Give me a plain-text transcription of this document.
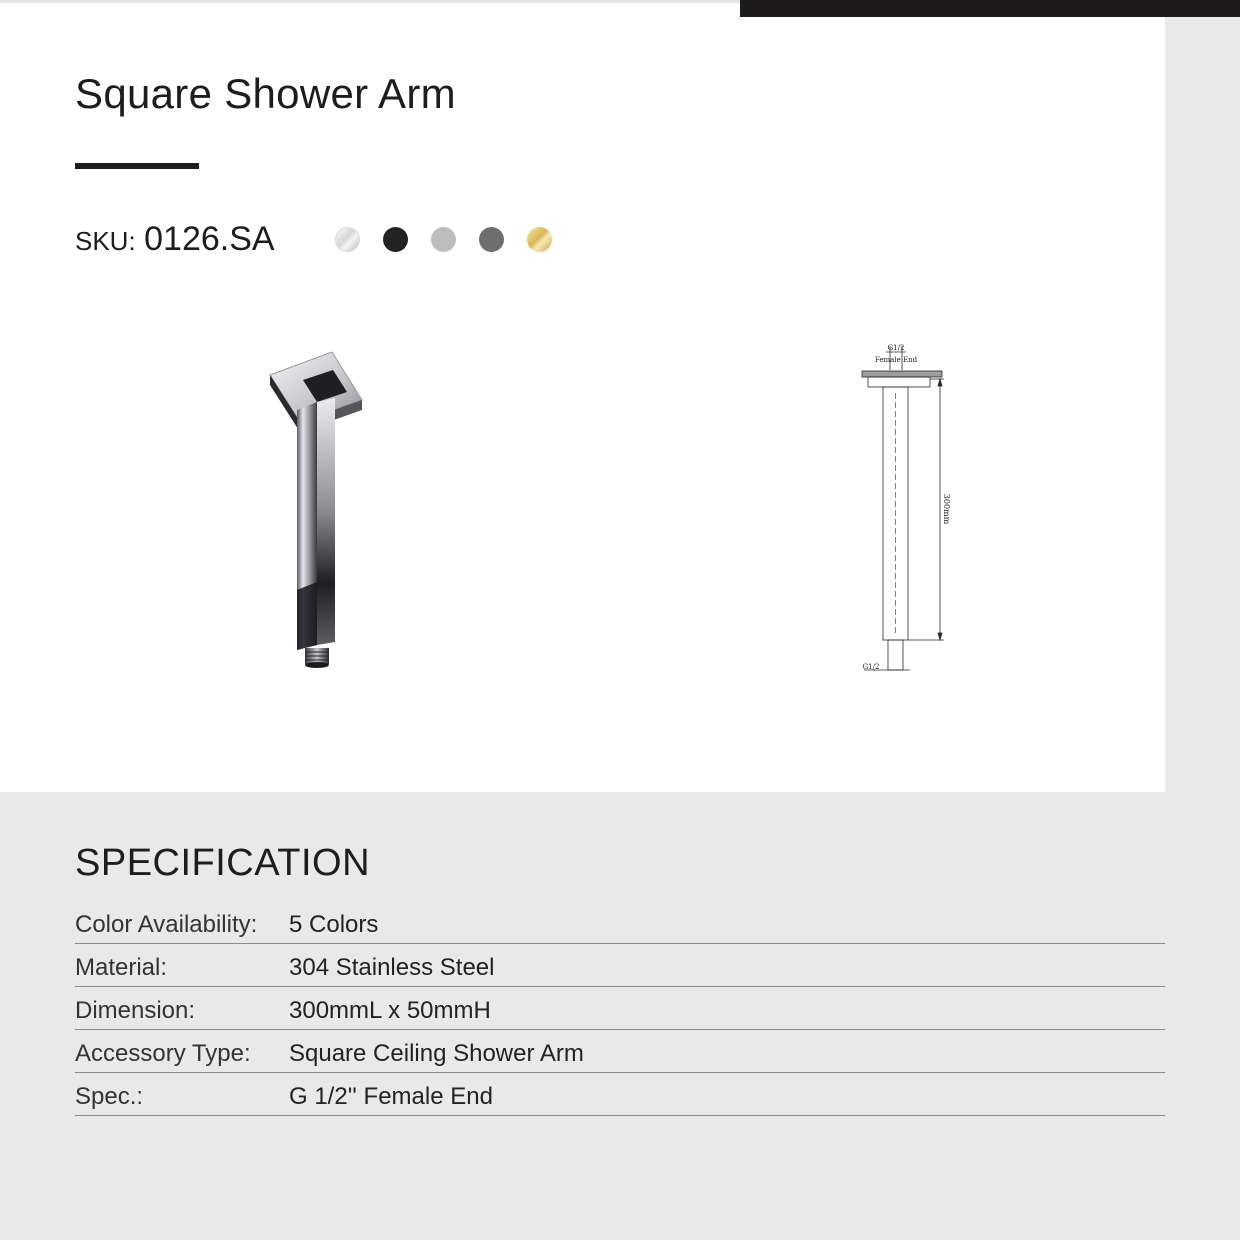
Square Shower Arm
SKU: 0126.SA
G1/2
Female End
300mm
G1/2
SPECIFICATION
Color Availability: 5 Colors
Material:	304 Stainless Steel
Dimension:	300mmL x 50mmH
Accessory Type: Square Ceiling Shower Arm
Spec.:	G 1/2'' Female End
